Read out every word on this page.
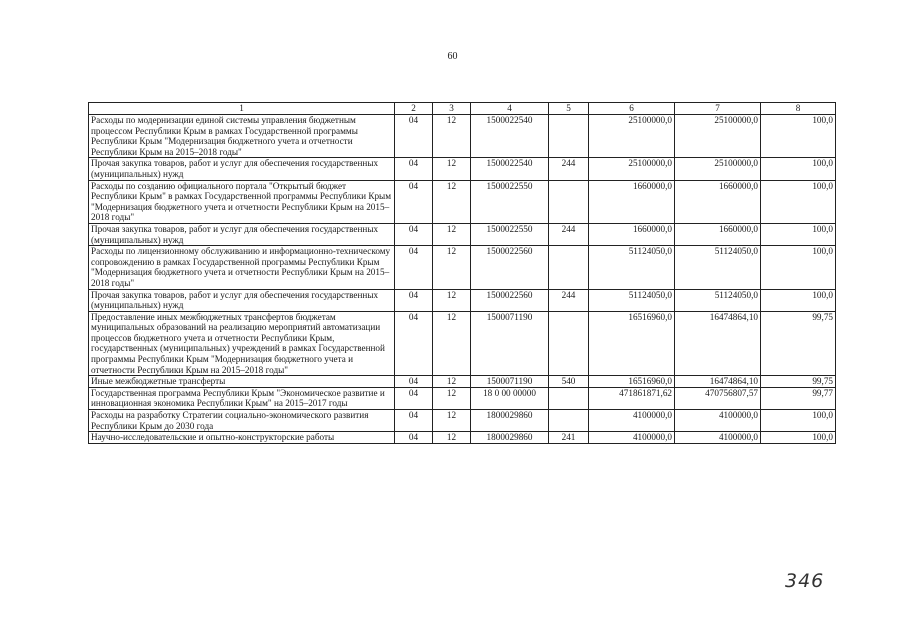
60
1	2	3	4	5	6	7	8
Расходы по модернизации единой системы управления бюджетным процессом Республики Крым в рамках Государственной программы Республики Крым "Модернизация бюджетного учета и отчетности Республики Крым на 2015–2018 годы"	04	12	1500022540		25100000,0	25100000,0	100,0
Прочая закупка товаров, работ и услуг для обеспечения государственных (муниципальных) нужд	04	12	1500022540	244	25100000,0	25100000,0	100,0
Расходы по созданию официального портала "Открытый бюджет Республики Крым" в рамках Государственной программы Республики Крым "Модернизация бюджетного учета и отчетности Республики Крым на 2015–2018 годы"	04	12	1500022550		1660000,0	1660000,0	100,0
Прочая закупка товаров, работ и услуг для обеспечения государственных (муниципальных) нужд	04	12	1500022550	244	1660000,0	1660000,0	100,0
Расходы по лицензионному обслуживанию и информационно-техническому сопровождению в рамках Государственной программы Республики Крым "Модернизация бюджетного учета и отчетности Республики Крым на 2015–2018 годы"	04	12	1500022560		51124050,0	51124050,0	100,0
Прочая закупка товаров, работ и услуг для обеспечения государственных (муниципальных) нужд	04	12	1500022560	244	51124050,0	51124050,0	100,0
Предоставление иных межбюджетных трансфертов бюджетам муниципальных образований на реализацию мероприятий автоматизации процессов бюджетного учета и отчетности Республики Крым, государственных (муниципальных) учреждений в рамках Государственной программы Республики Крым "Модернизация бюджетного учета и отчетности Республики Крым на 2015–2018 годы"	04	12	1500071190		16516960,0	16474864,10	99,75
Иные межбюджетные трансферты	04	12	1500071190	540	16516960,0	16474864,10	99,75
Государственная программа Республики Крым "Экономическое развитие и инновационная экономика Республики Крым" на 2015–2017 годы	04	12	18 0 00 00000		471861871,62	470756807,57	99,77
Расходы на разработку Стратегии социально-экономического развития Республики Крым до 2030 года	04	12	1800029860		4100000,0	4100000,0	100,0
Научно-исследовательские и опытно-конструкторские работы	04	12	1800029860	241	4100000,0	4100000,0	100,0
346
